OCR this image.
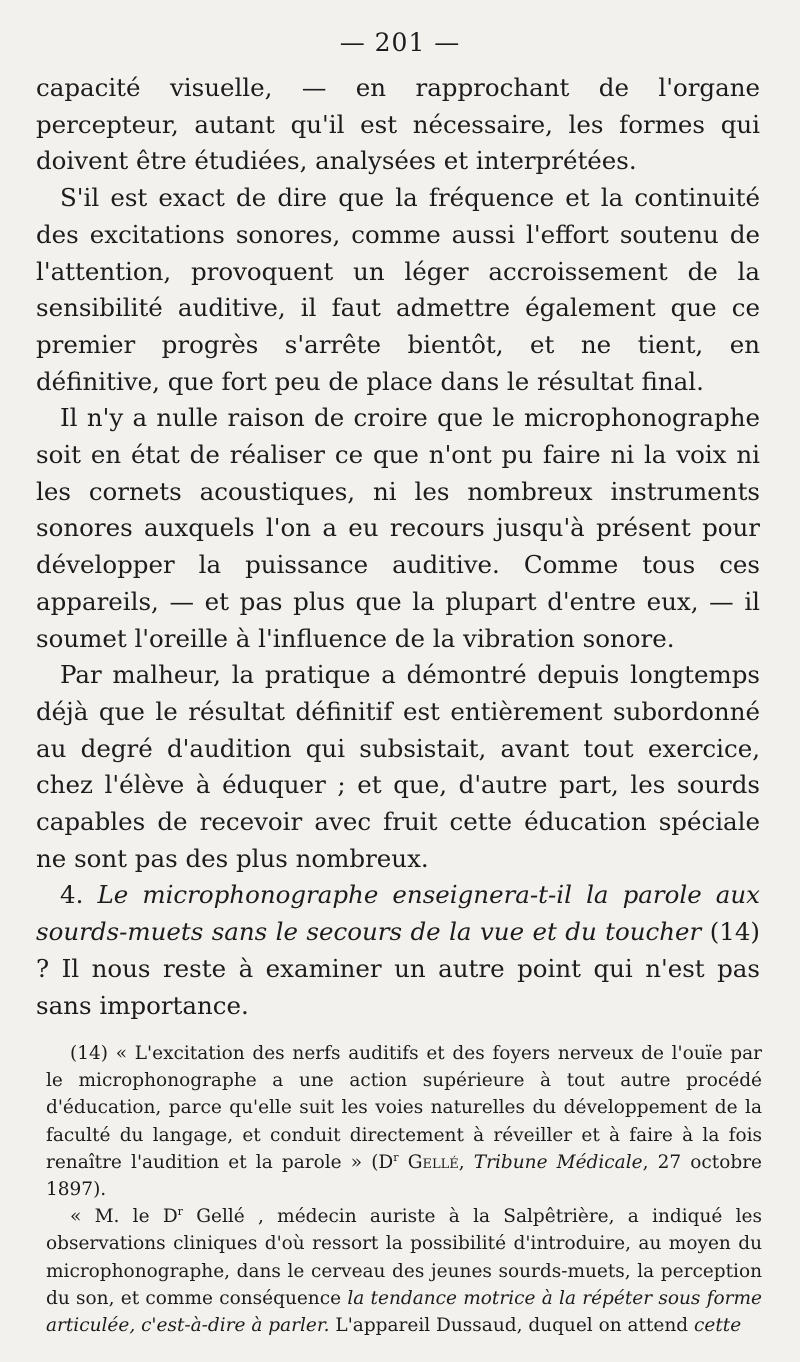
— 201 —

capacité visuelle, — en rapprochant de l'organe percepteur, autant qu'il est nécessaire, les formes qui doivent être étudiées, analysées et interprétées.

S'il est exact de dire que la fréquence et la continuité des excitations sonores, comme aussi l'effort soutenu de l'attention, provoquent un léger accroissement de la sensibilité auditive, il faut admettre également que ce premier progrès s'arrête bientôt, et ne tient, en définitive, que fort peu de place dans le résultat final.

Il n'y a nulle raison de croire que le microphonographe soit en état de réaliser ce que n'ont pu faire ni la voix ni les cornets acoustiques, ni les nombreux instruments sonores auxquels l'on a eu recours jusqu'à présent pour développer la puissance auditive. Comme tous ces appareils, — et pas plus que la plupart d'entre eux, — il soumet l'oreille à l'influence de la vibration sonore.

Par malheur, la pratique a démontré depuis longtemps déjà que le résultat définitif est entièrement subordonné au degré d'audition qui subsistait, avant tout exercice, chez l'élève à éduquer ; et que, d'autre part, les sourds capables de recevoir avec fruit cette éducation spéciale ne sont pas des plus nombreux.

4. Le microphonographe enseignera-t-il la parole aux sourds-muets sans le secours de la vue et du toucher (14) ? Il nous reste à examiner un autre point qui n'est pas sans importance.

(14) « L'excitation des nerfs auditifs et des foyers nerveux de l'ouïe par le microphonographe a une action supérieure à tout autre procédé d'éducation, parce qu'elle suit les voies naturelles du développement de la faculté du langage, et conduit directement à réveiller et à faire à la fois renaître l'audition et la parole » ($D^r$ Gellé, Tribune Médicale, 27 octobre 1897).

« M. le $D^r$ Gellé , médecin auriste à la Salpêtrière, a indiqué les observations cliniques d'où ressort la possibilité d'introduire, au moyen du microphonographe, dans le cerveau des jeunes sourds-muets, la perception du son, et comme conséquence la tendance motrice à la répéter sous forme articulée, c'est-à-dire à parler. L'appareil Dussaud, duquel on attend cette
